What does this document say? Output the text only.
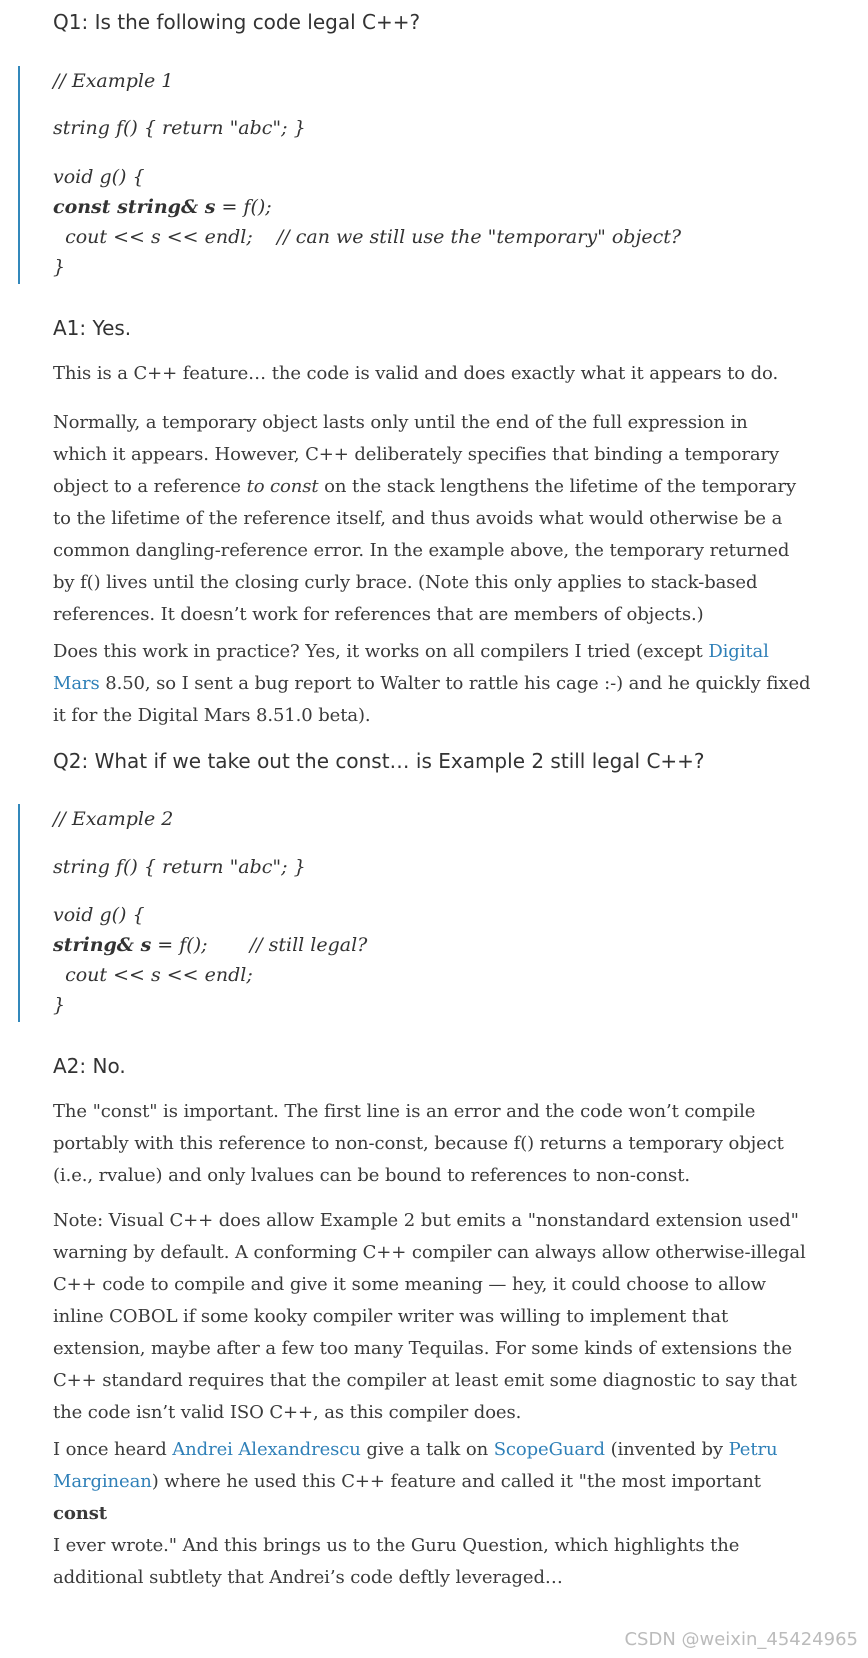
Q1: Is the following code legal C++?
// Example 1
string f() { return "abc"; }
void g() {
const string& s = f();
cout << s << endl;    // can we still use the "temporary" object?
}
A1: Yes.
This is a C++ feature… the code is valid and does exactly what it appears to do.
Normally, a temporary object lasts only until the end of the full expression in
which it appears. However, C++ deliberately specifies that binding a temporary
object to a reference to const on the stack lengthens the lifetime of the temporary
to the lifetime of the reference itself, and thus avoids what would otherwise be a
common dangling-reference error. In the example above, the temporary returned
by f() lives until the closing curly brace. (Note this only applies to stack-based
references. It doesn’t work for references that are members of objects.)
Does this work in practice? Yes, it works on all compilers I tried (except Digital
Mars 8.50, so I sent a bug report to Walter to rattle his cage :-) and he quickly fixed
it for the Digital Mars 8.51.0 beta).
Q2: What if we take out the const… is Example 2 still legal C++?
// Example 2
string f() { return "abc"; }
void g() {
string& s = f();       // still legal?
cout << s << endl;
}
A2: No.
The "const" is important. The first line is an error and the code won’t compile
portably with this reference to non-const, because f() returns a temporary object
(i.e., rvalue) and only lvalues can be bound to references to non-const.
Note: Visual C++ does allow Example 2 but emits a "nonstandard extension used"
warning by default. A conforming C++ compiler can always allow otherwise-illegal
C++ code to compile and give it some meaning — hey, it could choose to allow
inline COBOL if some kooky compiler writer was willing to implement that
extension, maybe after a few too many Tequilas. For some kinds of extensions the
C++ standard requires that the compiler at least emit some diagnostic to say that
the code isn’t valid ISO C++, as this compiler does.
I once heard Andrei Alexandrescu give a talk on ScopeGuard (invented by Petru
Marginean) where he used this C++ feature and called it "the most important const
I ever wrote." And this brings us to the Guru Question, which highlights the
additional subtlety that Andrei’s code deftly leveraged…
CSDN @weixin_45424965
